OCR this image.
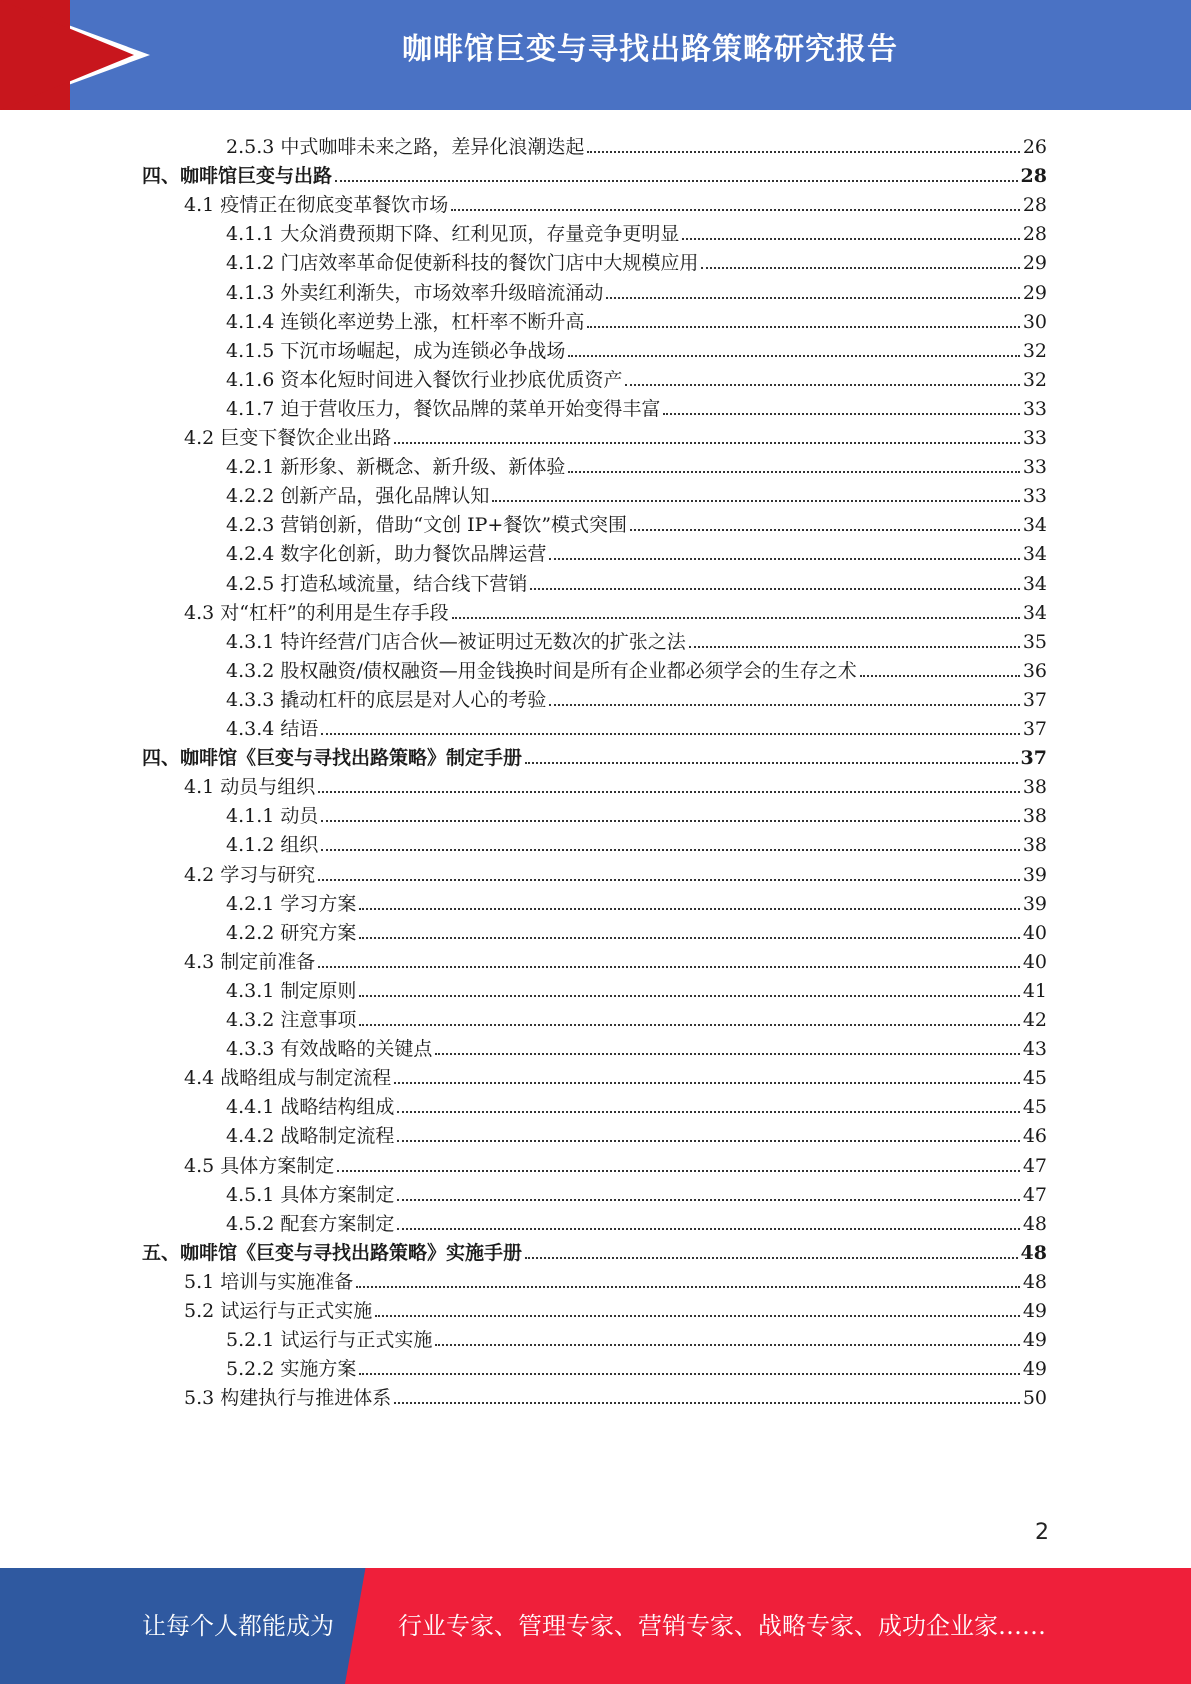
咖啡馆巨变与寻找出路策略研究报告
2.5.3 中式咖啡未来之路，差异化浪潮迭起	26
四、咖啡馆巨变与出路	28
4.1 疫情正在彻底变革餐饮市场	28
4.1.1 大众消费预期下降、红利见顶，存量竞争更明显	28
4.1.2 门店效率革命促使新科技的餐饮门店中大规模应用	29
4.1.3 外卖红利渐失，市场效率升级暗流涌动	29
4.1.4 连锁化率逆势上涨，杠杆率不断升高	30
4.1.5 下沉市场崛起，成为连锁必争战场	32
4.1.6 资本化短时间进入餐饮行业抄底优质资产	32
4.1.7 迫于营收压力，餐饮品牌的菜单开始变得丰富	33
4.2 巨变下餐饮企业出路	33
4.2.1 新形象、新概念、新升级、新体验	33
4.2.2 创新产品，强化品牌认知	33
4.2.3 营销创新，借助“文创 IP+餐饮”模式突围	34
4.2.4 数字化创新，助力餐饮品牌运营	34
4.2.5 打造私域流量，结合线下营销	34
4.3 对“杠杆”的利用是生存手段	34
4.3.1 特许经营/门店合伙—被证明过无数次的扩张之法	35
4.3.2 股权融资/债权融资—用金钱换时间是所有企业都必须学会的生存之术	36
4.3.3 撬动杠杆的底层是对人心的考验	37
4.3.4 结语	37
四、咖啡馆《巨变与寻找出路策略》制定手册	37
4.1 动员与组织	38
4.1.1 动员	38
4.1.2 组织	38
4.2 学习与研究	39
4.2.1 学习方案	39
4.2.2 研究方案	40
4.3 制定前准备	40
4.3.1 制定原则	41
4.3.2 注意事项	42
4.3.3 有效战略的关键点	43
4.4 战略组成与制定流程	45
4.4.1 战略结构组成	45
4.4.2 战略制定流程	46
4.5 具体方案制定	47
4.5.1 具体方案制定	47
4.5.2 配套方案制定	48
五、咖啡馆《巨变与寻找出路策略》实施手册	48
5.1 培训与实施准备	48
5.2 试运行与正式实施	49
5.2.1 试运行与正式实施	49
5.2.2 实施方案	49
5.3 构建执行与推进体系	50
2
让每个人都能成为	行业专家、管理专家、营销专家、战略专家、成功企业家……
